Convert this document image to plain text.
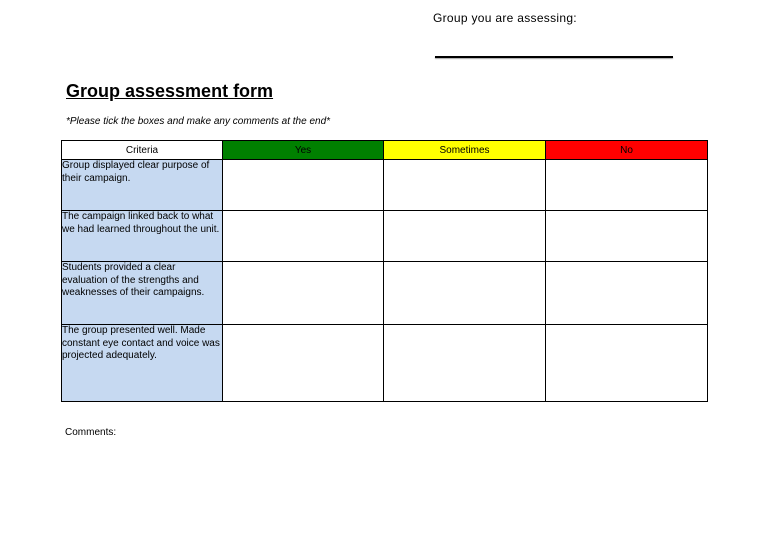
Group you are assessing:
Group assessment form
*Please tick the boxes and make any comments at the end*
Criteria	Yes	Sometimes	No
Group displayed clear purpose of their campaign.			
The campaign linked back to what we had learned throughout the unit.			
Students provided a clear evaluation of the strengths and weaknesses of their campaigns.			
The group presented well. Made constant eye contact and voice was projected adequately.			
Comments:
